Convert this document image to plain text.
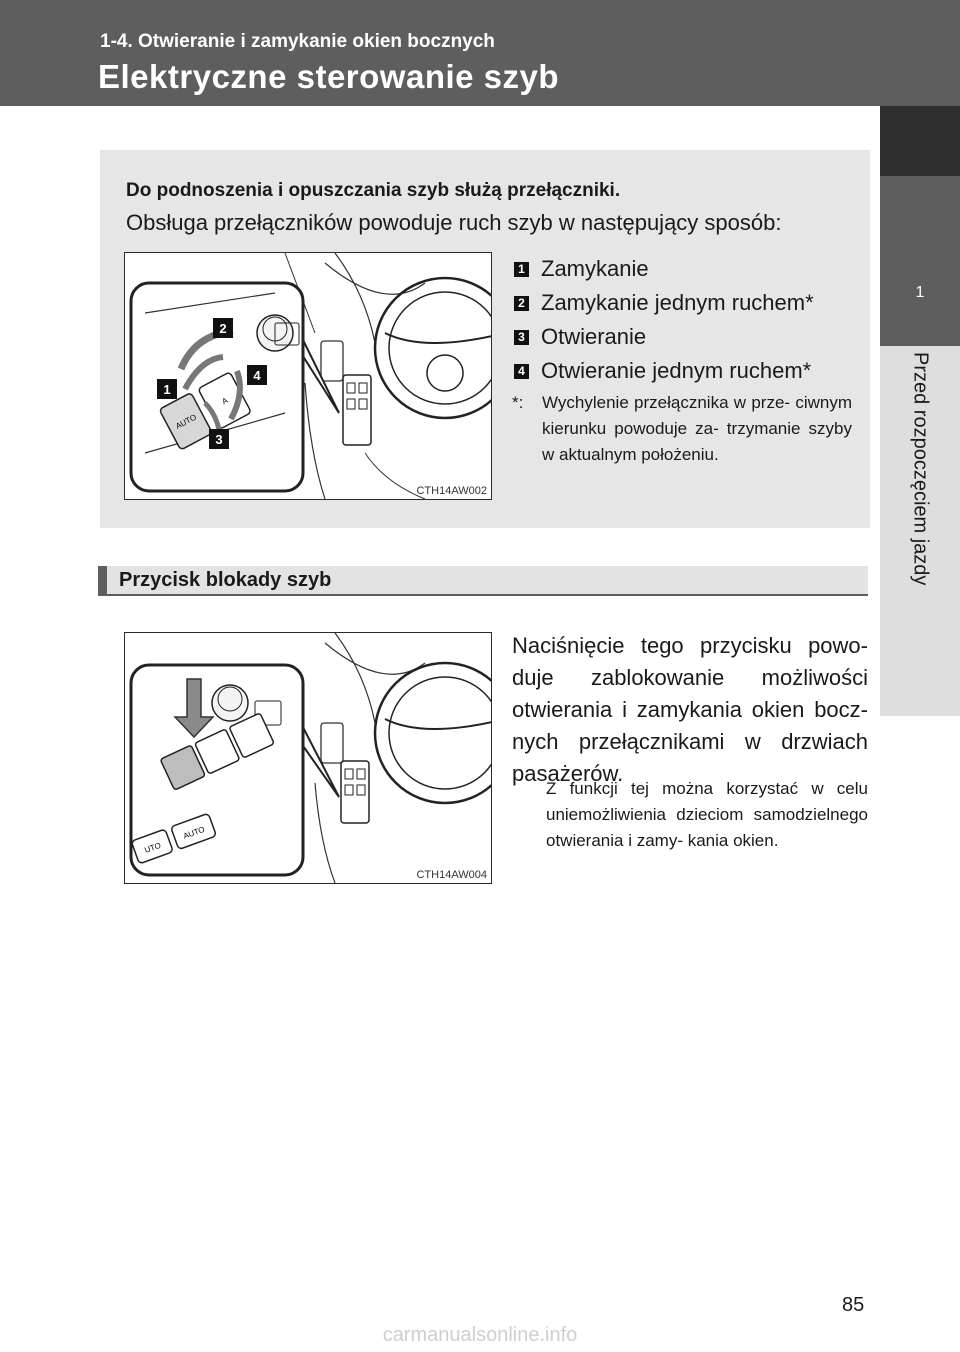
1-4. Otwieranie i zamykanie okien bocznych
Elektryczne sterowanie szyb
1
Przed rozpoczęciem jazdy
Do podnoszenia i opuszczania szyb służą przełączniki.
Obsługa przełączników powoduje ruch szyb w następujący sposób:
AUTO
A
2
1
4
3
CTH14AW002
1 Zamykanie
2 Zamykanie jednym ruchem*
3 Otwieranie
4 Otwieranie jednym ruchem*
*:	Wychylenie przełącznika w prze- ciwnym kierunku powoduje za- trzymanie szyby w aktualnym położeniu.
Przycisk blokady szyb
UTO
AUTO
CTH14AW004
Naciśnięcie tego przycisku powo- duje zablokowanie możliwości otwierania i zamykania okien bocz- nych przełącznikami w drzwiach pasażerów.
Z funkcji tej można korzystać w celu uniemożliwienia dzieciom samodzielnego otwierania i zamy- kania okien.
85
carmanualsonline.info
